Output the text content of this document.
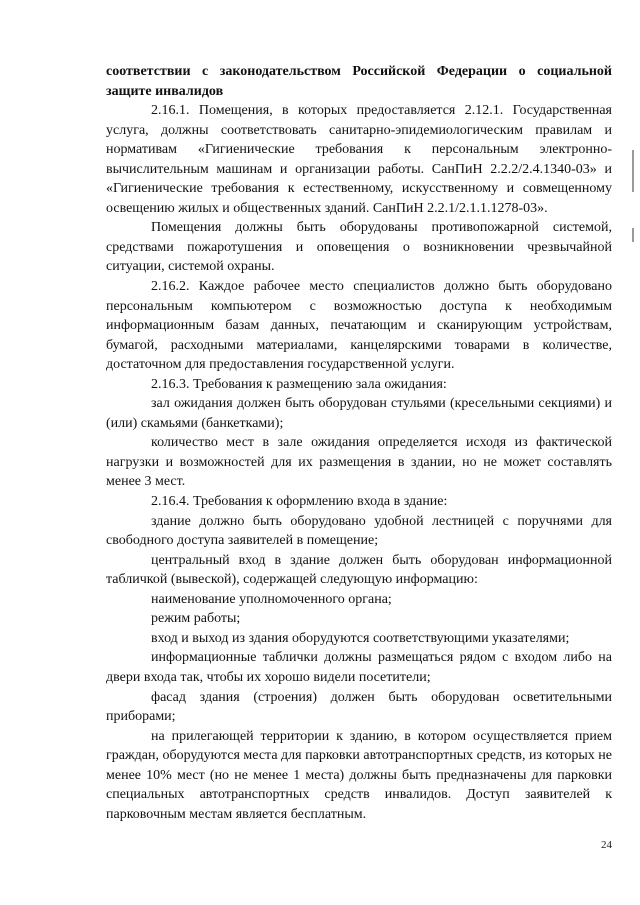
соответствии с законодательством Российской Федерации о социальной защите инвалидов

2.16.1. Помещения, в которых предоставляется 2.12.1. Государственная услуга, должны соответствовать санитарно-эпидемиологическим правилам и нормативам «Гигиенические требования к персональным электронно-вычислительным машинам и организации работы. СанПиН 2.2.2/2.4.1340-03» и «Гигиенические требования к естественному, искусственному и совмещенному освещению жилых и общественных зданий. СанПиН 2.2.1/2.1.1.1278-03».

Помещения должны быть оборудованы противопожарной системой, средствами пожаротушения и оповещения о возникновении чрезвычайной ситуации, системой охраны.

2.16.2. Каждое рабочее место специалистов должно быть оборудовано персональным компьютером с возможностью доступа к необходимым информационным базам данных, печатающим и сканирующим устройствам, бумагой, расходными материалами, канцелярскими товарами в количестве, достаточном для предоставления государственной услуги.

2.16.3. Требования к размещению зала ожидания:

зал ожидания должен быть оборудован стульями (кресельными секциями) и (или) скамьями (банкетками);

количество мест в зале ожидания определяется исходя из фактической нагрузки и возможностей для их размещения в здании, но не может составлять менее 3 мест.

2.16.4. Требования к оформлению входа в здание:

здание должно быть оборудовано удобной лестницей с поручнями для свободного доступа заявителей в помещение;

центральный вход в здание должен быть оборудован информационной табличкой (вывеской), содержащей следующую информацию:

наименование уполномоченного органа;

режим работы;

вход и выход из здания оборудуются соответствующими указателями;

информационные таблички должны размещаться рядом с входом либо на двери входа так, чтобы их хорошо видели посетители;

фасад здания (строения) должен быть оборудован осветительными приборами;

на прилегающей территории к зданию, в котором осуществляется прием граждан, оборудуются места для парковки автотранспортных средств, из которых не менее 10% мест (но не менее 1 места) должны быть предназначены для парковки специальных автотранспортных средств инвалидов. Доступ заявителей к парковочным местам является бесплатным.

24
